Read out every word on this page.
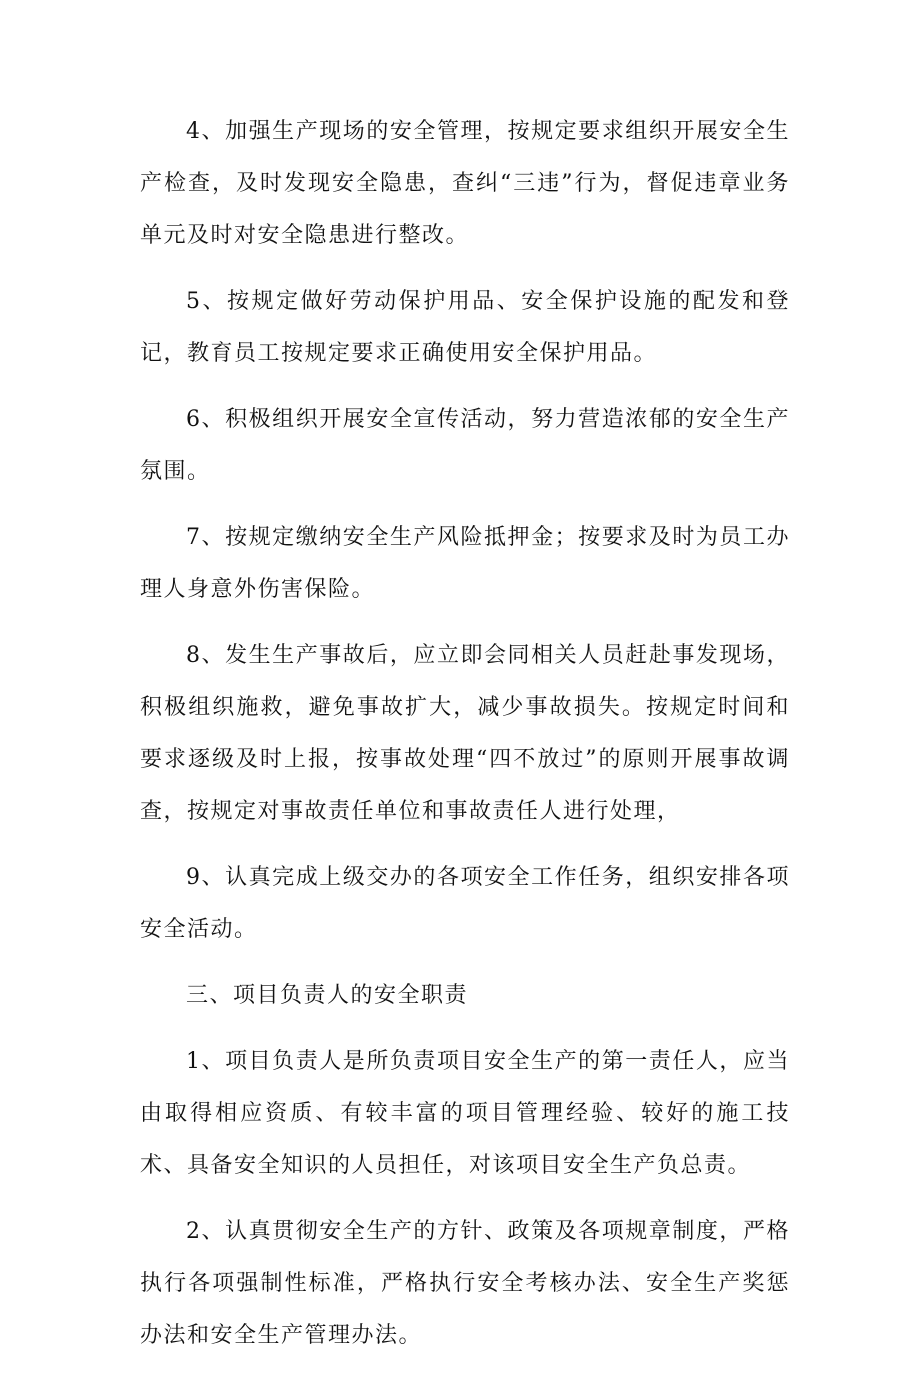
4、加强生产现场的安全管理，按规定要求组织开展安全生产检查，及时发现安全隐患，查纠“三违”行为，督促违章业务单元及时对安全隐患进行整改。

5、按规定做好劳动保护用品、安全保护设施的配发和登记，教育员工按规定要求正确使用安全保护用品。

6、积极组织开展安全宣传活动，努力营造浓郁的安全生产氛围。

7、按规定缴纳安全生产风险抵押金；按要求及时为员工办理人身意外伤害保险。

8、发生生产事故后，应立即会同相关人员赶赴事发现场，积极组织施救，避免事故扩大，减少事故损失。按规定时间和要求逐级及时上报，按事故处理“四不放过”的原则开展事故调查，按规定对事故责任单位和事故责任人进行处理，

9、认真完成上级交办的各项安全工作任务，组织安排各项安全活动。

三、项目负责人的安全职责

1、项目负责人是所负责项目安全生产的第一责任人，应当由取得相应资质、有较丰富的项目管理经验、较好的施工技术、具备安全知识的人员担任，对该项目安全生产负总责。

2、认真贯彻安全生产的方针、政策及各项规章制度，严格执行各项强制性标准，严格执行安全考核办法、安全生产奖惩办法和安全生产管理办法。
